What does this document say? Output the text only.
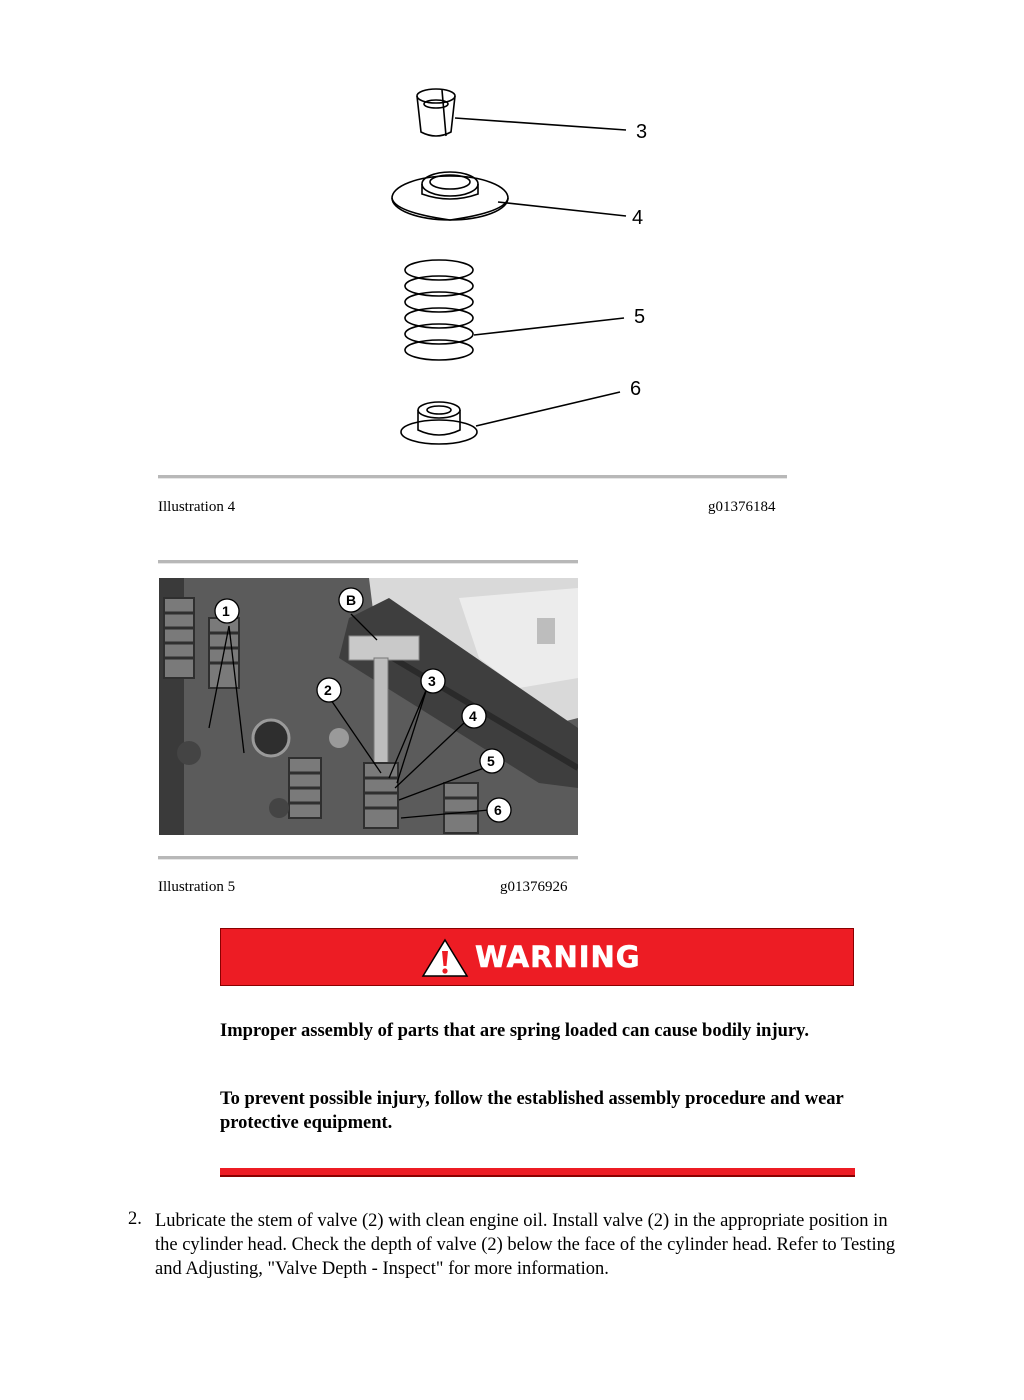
3
4
5
6
Illustration 4	g01376184
1
B
2
3
4
5
6
Illustration 5	g01376926
WARNING
Improper assembly of parts that are spring loaded can cause bodily injury.
To prevent possible injury, follow the established assembly procedure and wear protective equipment.
2. Lubricate the stem of valve (2) with clean engine oil. Install valve (2) in the appropriate position in the cylinder head. Check the depth of valve (2) below the face of the cylinder head. Refer to Testing and Adjusting, "Valve Depth - Inspect" for more information.
